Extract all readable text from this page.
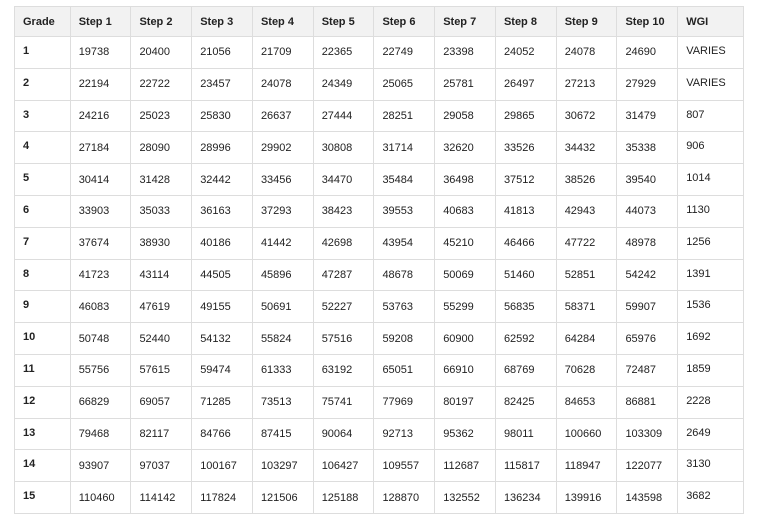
Grade	Step 1	Step 2	Step 3	Step 4	Step 5	Step 6	Step 7	Step 8	Step 9	Step 10	WGI
1	19738	20400	21056	21709	22365	22749	23398	24052	24078	24690	VARIES
2	22194	22722	23457	24078	24349	25065	25781	26497	27213	27929	VARIES
3	24216	25023	25830	26637	27444	28251	29058	29865	30672	31479	807
4	27184	28090	28996	29902	30808	31714	32620	33526	34432	35338	906
5	30414	31428	32442	33456	34470	35484	36498	37512	38526	39540	1014
6	33903	35033	36163	37293	38423	39553	40683	41813	42943	44073	1130
7	37674	38930	40186	41442	42698	43954	45210	46466	47722	48978	1256
8	41723	43114	44505	45896	47287	48678	50069	51460	52851	54242	1391
9	46083	47619	49155	50691	52227	53763	55299	56835	58371	59907	1536
10	50748	52440	54132	55824	57516	59208	60900	62592	64284	65976	1692
11	55756	57615	59474	61333	63192	65051	66910	68769	70628	72487	1859
12	66829	69057	71285	73513	75741	77969	80197	82425	84653	86881	2228
13	79468	82117	84766	87415	90064	92713	95362	98011	100660	103309	2649
14	93907	97037	100167	103297	106427	109557	112687	115817	118947	122077	3130
15	110460	114142	117824	121506	125188	128870	132552	136234	139916	143598	3682
